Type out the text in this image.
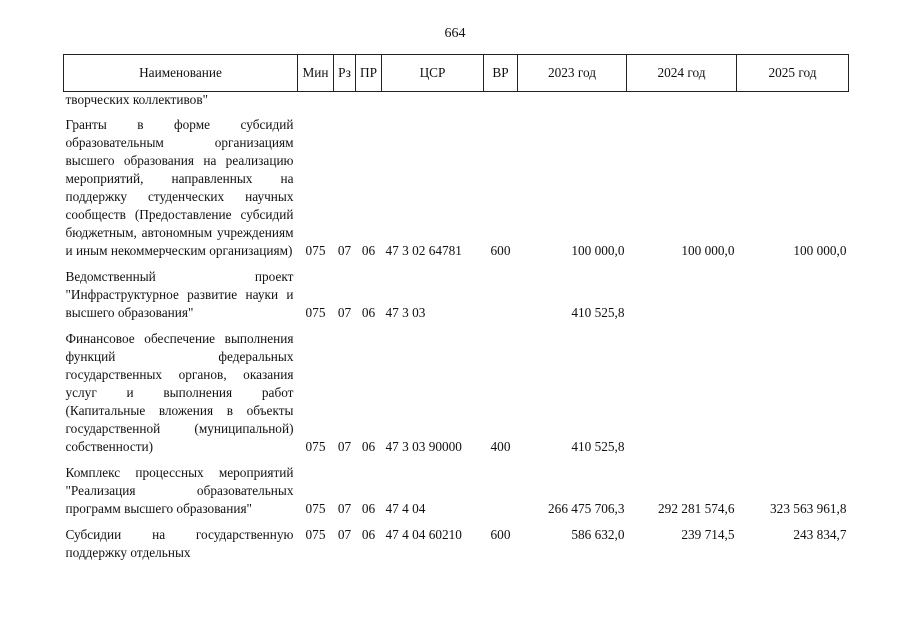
664
Наименование	Мин	Рз	ПР	ЦСР	ВР	2023 год	2024 год	2025 год

творческих коллективов"								

Гранты в форме субсидий образовательным организациям высшего образования на реализацию мероприятий, направленных на поддержку студенческих научных сообществ (Предоставление субсидий бюджетным, автономным учреждениям и иным некоммерческим организациям)	075	07	06	47 3 02 64781	600	100 000,0	100 000,0	100 000,0

Ведомственный проект "Инфраструктурное развитие науки и высшего образования"	075	07	06	47 3 03		410 525,8		

Финансовое обеспечение выполнения функций федеральных государственных органов, оказания услуг и выполнения работ (Капитальные вложения в объекты государственной (муниципальной) собственности)	075	07	06	47 3 03 90000	400	410 525,8		

Комплекс процессных мероприятий "Реализация образовательных программ высшего образования"	075	07	06	47 4 04		266 475 706,3	292 281 574,6	323 563 961,8

Субсидии на государственную поддержку отдельных	075	07	06	47 4 04 60210	600	586 632,0	239 714,5	243 834,7
